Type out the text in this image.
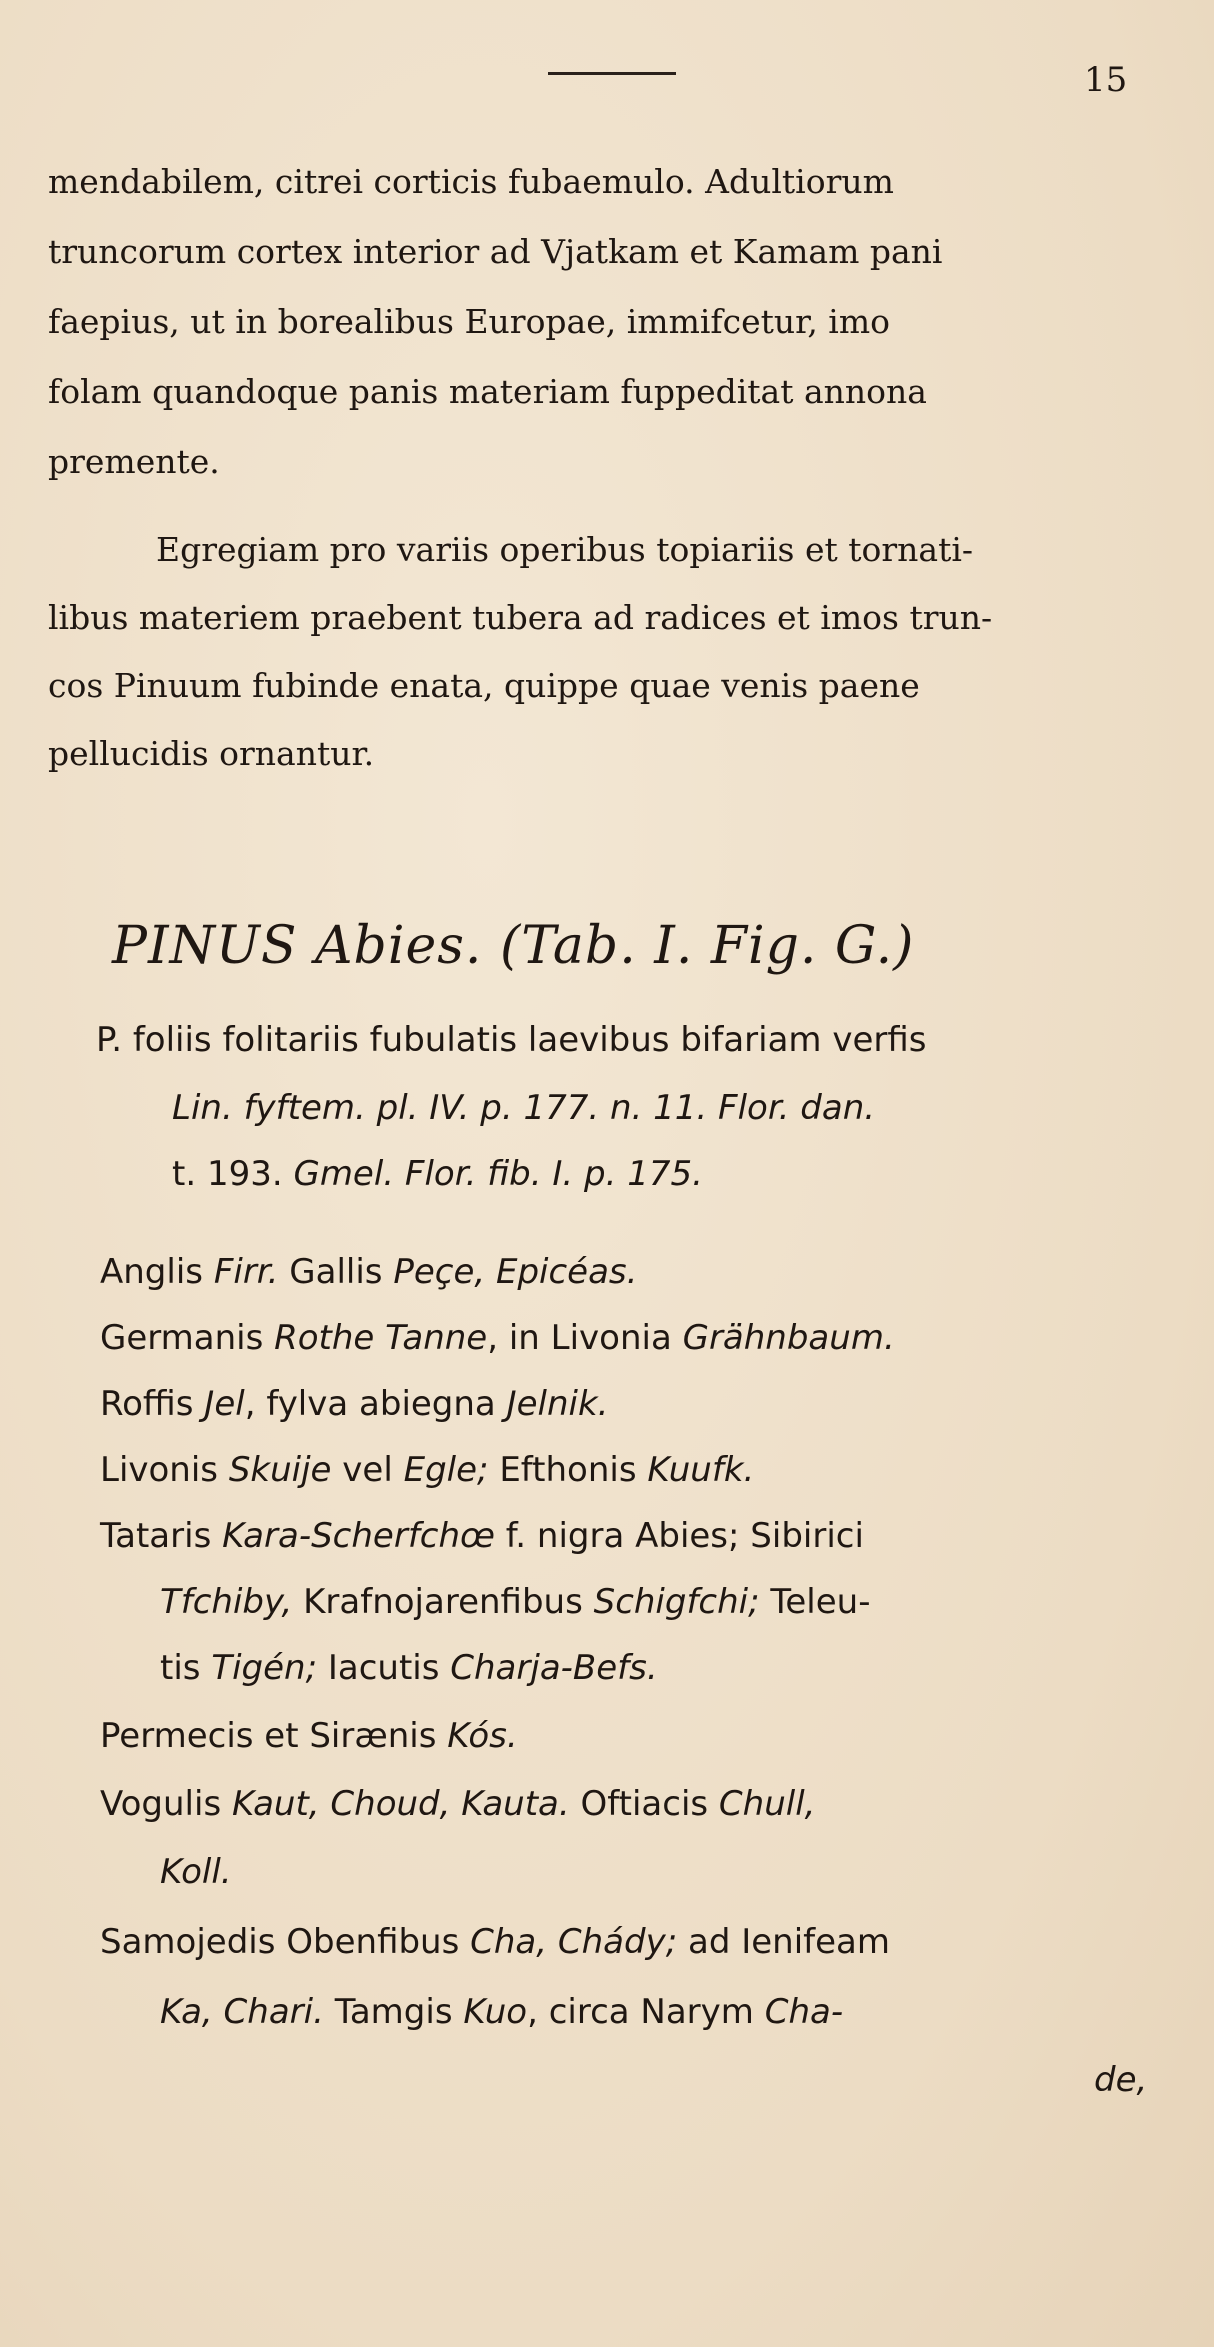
15
mendabilem, citrei corticis fubaemulo. Adultiorum
truncorum cortex interior ad Vjatkam et Kamam pani
faepius, ut in borealibus Europae, immifcetur, imo
folam quandoque panis materiam fuppeditat annona
premente.
Egregiam pro variis operibus topiariis et tornati-
libus materiem praebent tubera ad radices et imos trun-
cos Pinuum fubinde enata, quippe quae venis paene
pellucidis ornantur.
PINUS Abies. (Tab. I. Fig. G.)
P. foliis folitariis fubulatis laevibus bifariam verfis
Lin. fyftem. pl. IV. p. 177. n. 11. Flor. dan.
t. 193. Gmel. Flor. fib. I. p. 175.
Anglis Firr. Gallis Peçe, Epicéas.
Germanis Rothe Tanne, in Livonia Grähnbaum.
Roffis Jel, fylva abiegna Jelnik.
Livonis Skuije vel Egle; Efthonis Kuufk.
Tataris Kara-Scherfchœ f. nigra Abies; Sibirici
Tfchiby, Krafnojarenfibus Schigfchi; Teleu-
tis Tigén; Iacutis Charja-Befs.
Permecis et Sirænis Kós.
Vogulis Kaut, Choud, Kauta. Oftiacis Chull,
Koll.
Samojedis Obenfibus Cha, Chády; ad Ienifeam
Ka, Chari. Tamgis Kuo, circa Narym Cha-
de,
